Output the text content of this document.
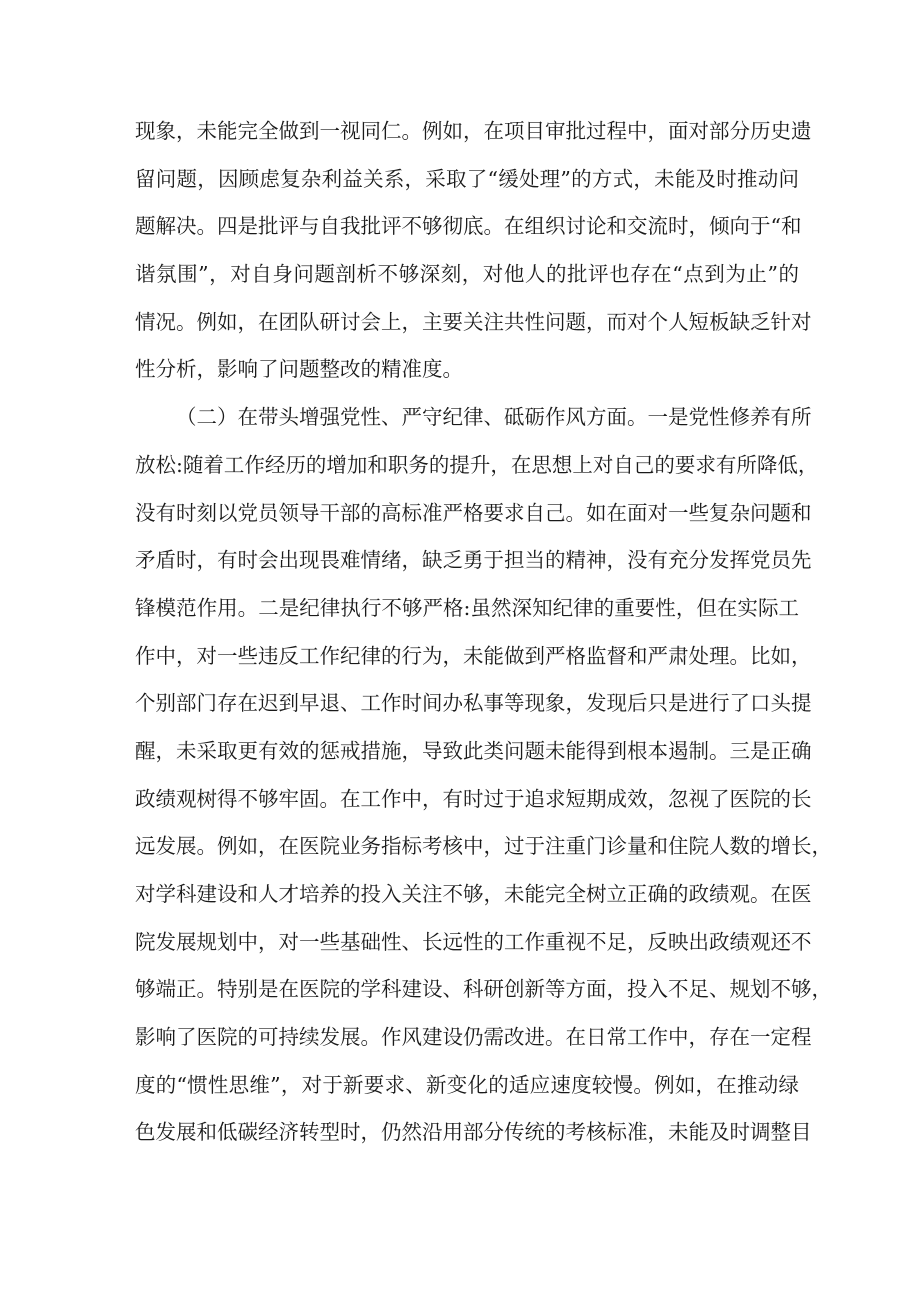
现象，未能完全做到一视同仁。例如，在项目审批过程中，面对部分历史遗
留问题，因顾虑复杂利益关系，采取了“缓处理”的方式，未能及时推动问
题解决。四是批评与自我批评不够彻底。在组织讨论和交流时，倾向于“和
谐氛围”，对自身问题剖析不够深刻，对他人的批评也存在“点到为止”的
情况。例如，在团队研讨会上，主要关注共性问题，而对个人短板缺乏针对
性分析，影响了问题整改的精准度。
（二）在带头增强党性、严守纪律、砥砺作风方面。一是党性修养有所
放松:随着工作经历的增加和职务的提升，在思想上对自己的要求有所降低，
没有时刻以党员领导干部的高标准严格要求自己。如在面对一些复杂问题和
矛盾时，有时会出现畏难情绪，缺乏勇于担当的精神，没有充分发挥党员先
锋模范作用。二是纪律执行不够严格:虽然深知纪律的重要性，但在实际工
作中，对一些违反工作纪律的行为，未能做到严格监督和严肃处理。比如，
个别部门存在迟到早退、工作时间办私事等现象，发现后只是进行了口头提
醒，未采取更有效的惩戒措施，导致此类问题未能得到根本遏制。三是正确
政绩观树得不够牢固。在工作中，有时过于追求短期成效，忽视了医院的长
远发展。例如，在医院业务指标考核中，过于注重门诊量和住院人数的增长，
对学科建设和人才培养的投入关注不够，未能完全树立正确的政绩观。在医
院发展规划中，对一些基础性、长远性的工作重视不足，反映出政绩观还不
够端正。特别是在医院的学科建设、科研创新等方面，投入不足、规划不够，
影响了医院的可持续发展。作风建设仍需改进。在日常工作中，存在一定程
度的“惯性思维”，对于新要求、新变化的适应速度较慢。例如，在推动绿
色发展和低碳经济转型时，仍然沿用部分传统的考核标准，未能及时调整目
